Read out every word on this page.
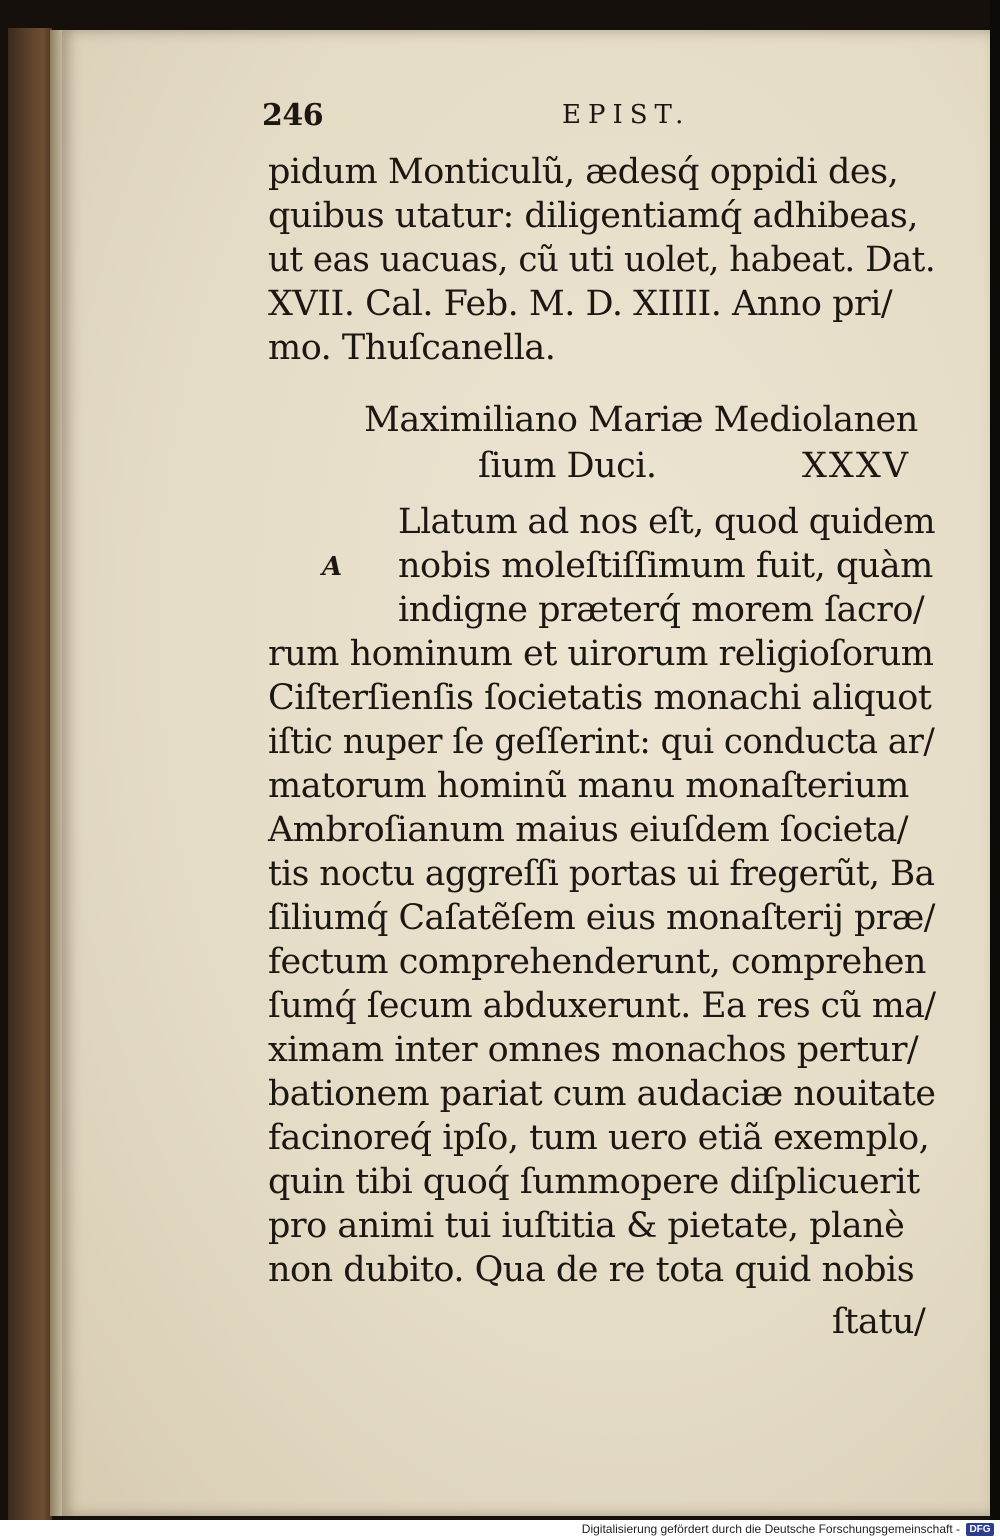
246	EPIST.
pidum Monticulũ, ædesq́ oppidi des,
quibus utatur: diligentiamq́ adhibeas,
ut eas uacuas, cũ uti uolet, habeat. Dat.
XVII. Cal. Feb. M. D. XIIII. Anno pri/
mo. Thuſcanella.
Maximiliano Mariæ Mediolanen
ſium Duci.	XXXV
A
Llatum ad nos eſt, quod quidem
nobis moleſtiſſimum fuit, quàm
indigne præterq́ morem ſacro/
rum hominum et uirorum religioſorum
Ciſterſienſis ſocietatis monachi aliquot
iſtic nuper ſe geſſerint: qui conducta ar/
matorum hominũ manu monaſterium
Ambroſianum maius eiuſdem ſocieta/
tis noctu aggreſſi portas ui fregerũt, Ba
ſiliumq́ Caſatẽſem eius monaſterij præ/
fectum comprehenderunt, comprehen
ſumq́ ſecum abduxerunt. Ea res cũ ma/
ximam inter omnes monachos pertur/
bationem pariat cum audaciæ nouitate
facinoreq́ ipſo, tum uero etiã exemplo,
quin tibi quoq́ ſummopere diſplicuerit
pro animi tui iuſtitia & pietate, planè
non dubito. Qua de re tota quid nobis
ſtatu/
Digitalisierung gefördert durch die Deutsche Forschungsgemeinschaft - DFG
